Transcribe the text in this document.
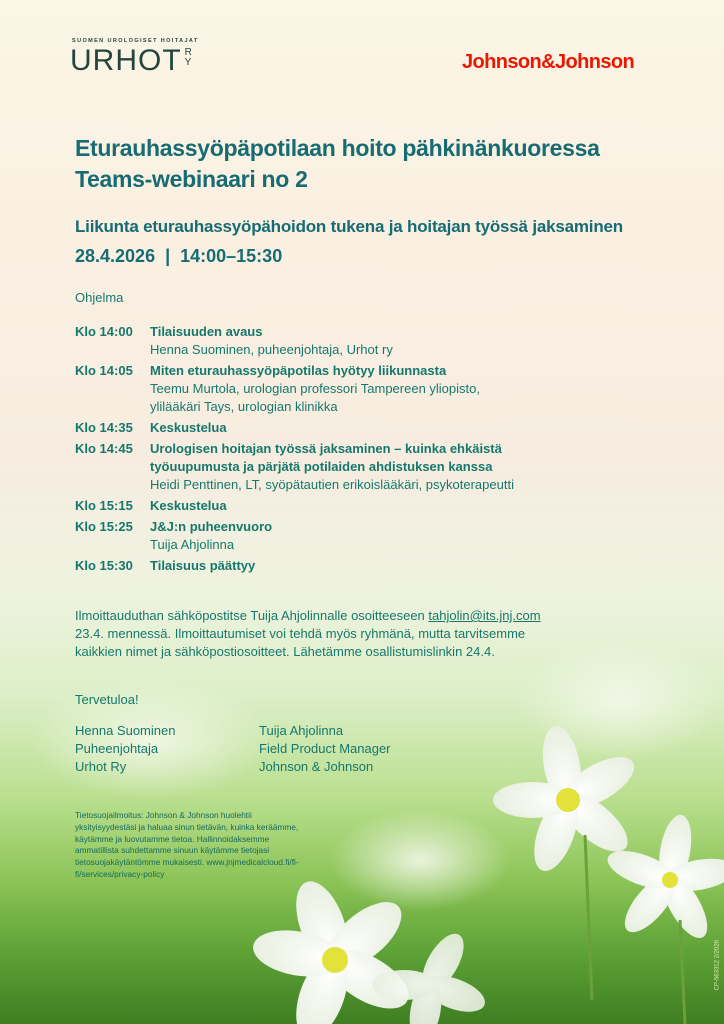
SUOMEN UROLOGISET HOITAJAT
URHOT R
Y	Johnson&Johnson
Eturauhassyöpäpotilaan hoito pähkinänkuoressa
Teams-webinaari no 2
Liikunta eturauhassyöpähoidon tukena ja hoitajan työssä jaksaminen
28.4.2026  |  14:00–15:30
Ohjelma
Klo 14:00	Tilaisuuden avaus
Henna Suominen, puheenjohtaja, Urhot ry
Klo 14:05	Miten eturauhassyöpäpotilas hyötyy liikunnasta
Teemu Murtola, urologian professori Tampereen yliopisto,
ylilääkäri Tays, urologian klinikka
Klo 14:35	Keskustelua
Klo 14:45	Urologisen hoitajan työssä jaksaminen – kuinka ehkäistä työuupumusta ja pärjätä potilaiden ahdistuksen kanssa
Heidi Penttinen, LT, syöpätautien erikoislääkäri, psykoterapeutti
Klo 15:15	Keskustelua
Klo 15:25	J&J:n puheenvuoro
Tuija Ahjolinna
Klo 15:30	Tilaisuus päättyy
Ilmoittauduthan sähköpostitse Tuija Ahjolinnalle osoitteeseen tahjolin@its.jnj.com 23.4. mennessä. Ilmoittautumiset voi tehdä myös ryhmänä, mutta tarvitsemme kaikkien nimet ja sähköpostiosoitteet. Lähetämme osallistumislinkin 24.4.
Tervetuloa!
Henna Suominen
Puheenjohtaja
Urhot Ry
Tuija Ahjolinna
Field Product Manager
Johnson & Johnson
Tietosuojailmoitus: Johnson & Johnson huolehtii yksityisyydestäsi ja haluaa sinun tietävän, kuinka keräämme, käytämme ja luovutamme tietoa. Hallinnoidaksemme ammatillista suhdettamme sinuun käytämme tietojasi tietosuojakäytäntömme mukaisesti. www.jnjmedicalcloud.fi/fi-fi/services/privacy-policy
CP-563312 2/2026
